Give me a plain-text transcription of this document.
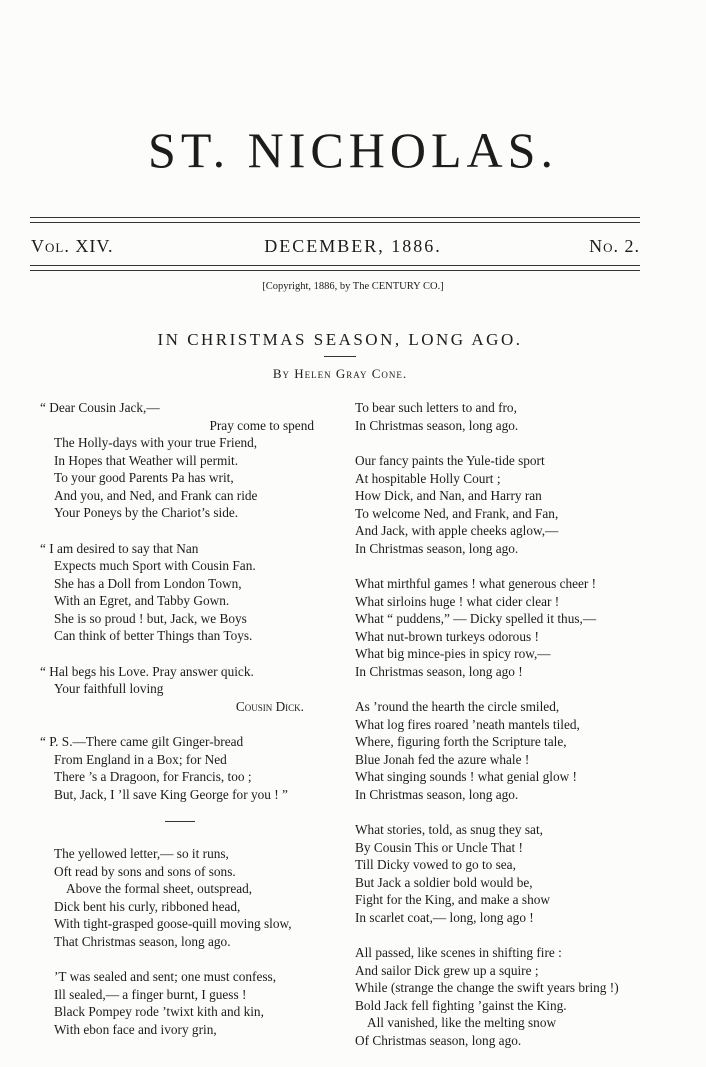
ST. NICHOLAS.
Vol. XIV.	DECEMBER, 1886.	No. 2.
[Copyright, 1886, by The CENTURY CO.]
IN CHRISTMAS SEASON, LONG AGO.
By Helen Gray Cone.
“ Dear Cousin Jack,—
Pray come to spend
The Holly-days with your true Friend,
In Hopes that Weather will permit.
To your good Parents Pa has writ,
And you, and Ned, and Frank can ride
Your Poneys by the Chariot’s side.
“ I am desired to say that Nan
Expects much Sport with Cousin Fan.
She has a Doll from London Town,
With an Egret, and Tabby Gown.
She is so proud ! but, Jack, we Boys
Can think of better Things than Toys.
“ Hal begs his Love. Pray answer quick.
Your faithfull loving
Cousin Dick.
“ P. S.—There came gilt Ginger-bread
From England in a Box; for Ned
There ’s a Dragoon, for Francis, too ;
But, Jack, I ’ll save King George for you ! ”
The yellowed letter,— so it runs,
Oft read by sons and sons of sons.
Above the formal sheet, outspread,
Dick bent his curly, ribboned head,
With tight-grasped goose-quill moving slow,
That Christmas season, long ago.
’T was sealed and sent; one must confess,
Ill sealed,— a finger burnt, I guess !
Black Pompey rode ’twixt kith and kin,
With ebon face and ivory grin,
To bear such letters to and fro,
In Christmas season, long ago.
Our fancy paints the Yule-tide sport
At hospitable Holly Court ;
How Dick, and Nan, and Harry ran
To welcome Ned, and Frank, and Fan,
And Jack, with apple cheeks aglow,—
In Christmas season, long ago.
What mirthful games ! what generous cheer !
What sirloins huge ! what cider clear !
What “ puddens,” — Dicky spelled it thus,—
What nut-brown turkeys odorous !
What big mince-pies in spicy row,—
In Christmas season, long ago !
As ’round the hearth the circle smiled,
What log fires roared ’neath mantels tiled,
Where, figuring forth the Scripture tale,
Blue Jonah fed the azure whale !
What singing sounds ! what genial glow !
In Christmas season, long ago.
What stories, told, as snug they sat,
By Cousin This or Uncle That !
Till Dicky vowed to go to sea,
But Jack a soldier bold would be,
Fight for the King, and make a show
In scarlet coat,— long, long ago !
All passed, like scenes in shifting fire :
And sailor Dick grew up a squire ;
While (strange the change the swift years bring !)
Bold Jack fell fighting ’gainst the King.
All vanished, like the melting snow
Of Christmas season, long ago.
